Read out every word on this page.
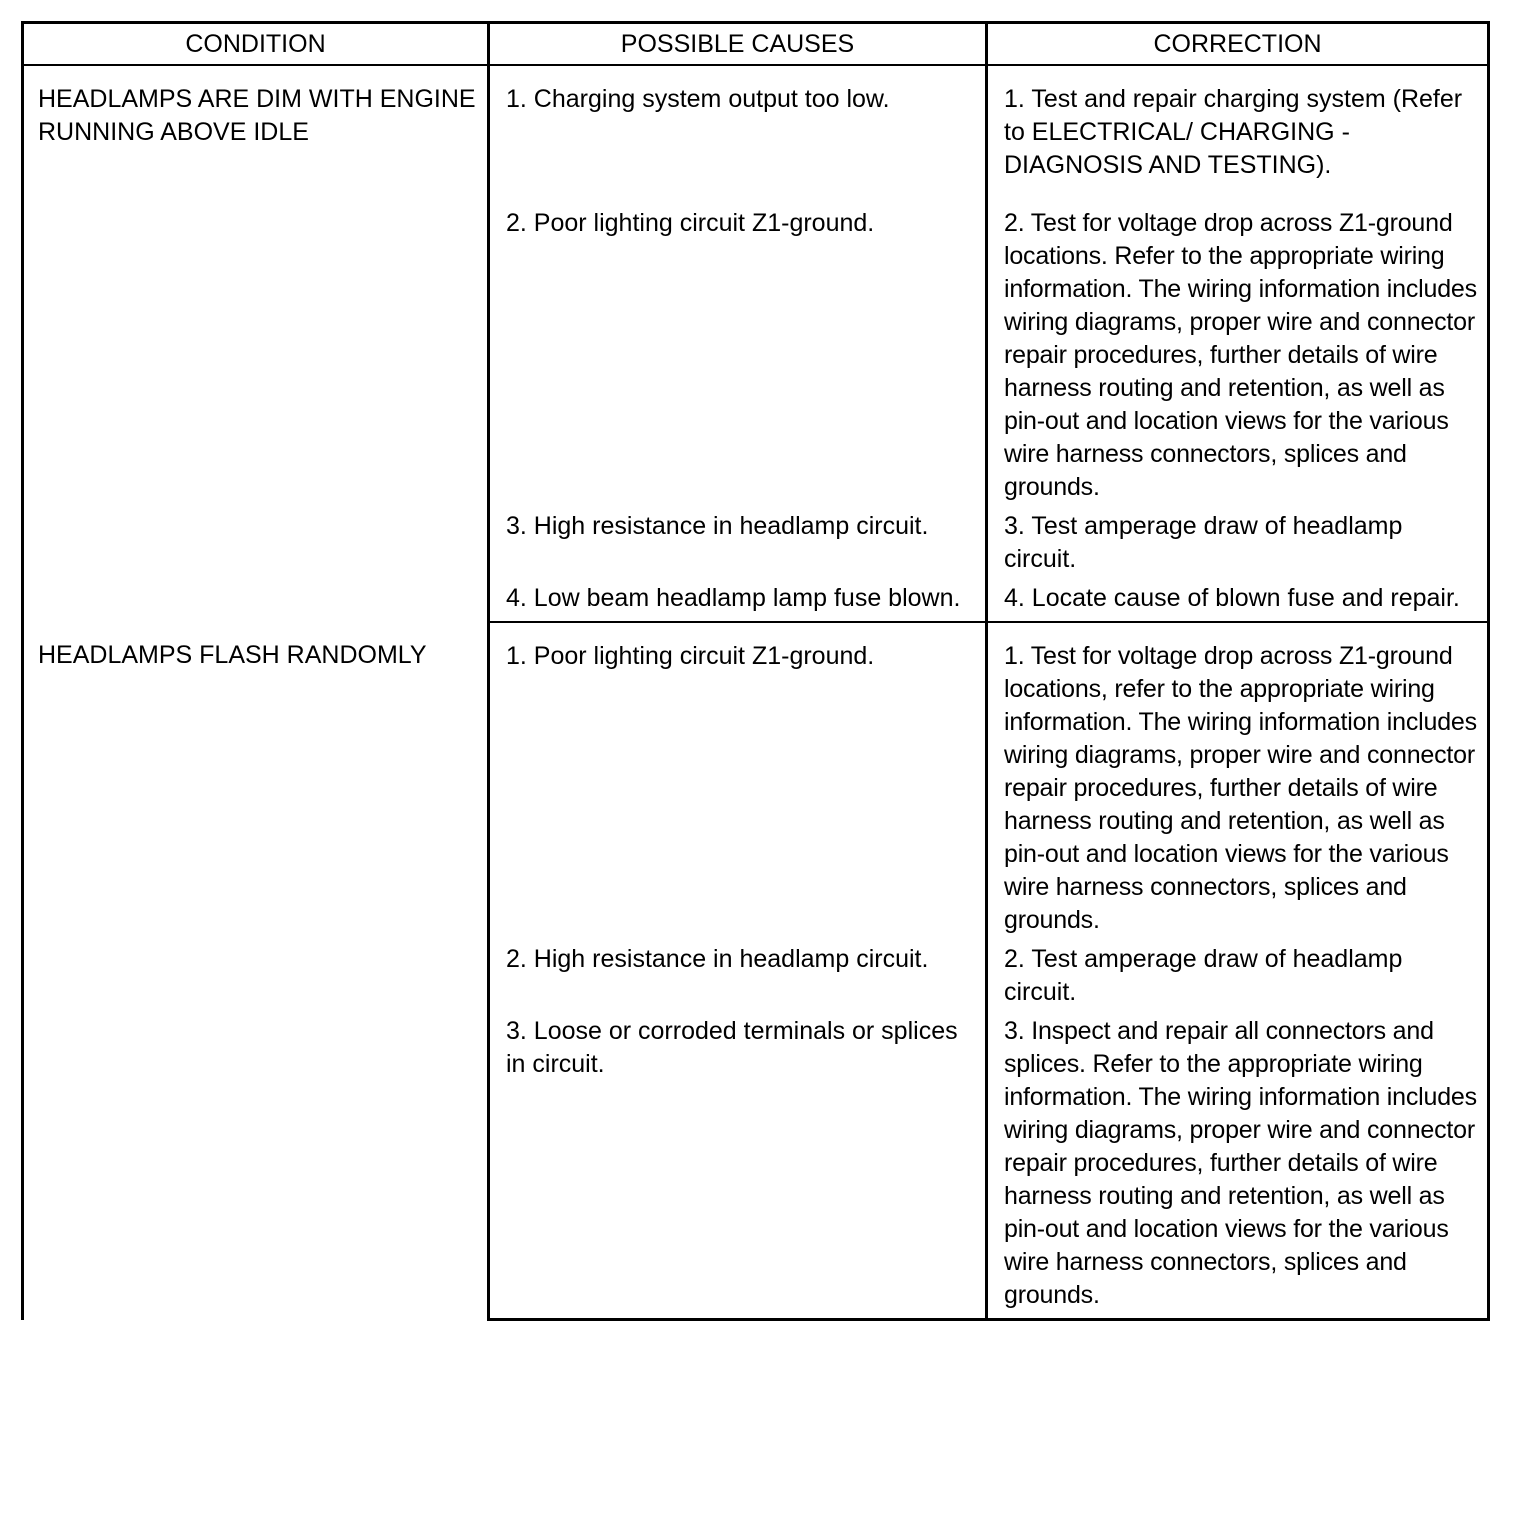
CONDITION	POSSIBLE CAUSES	CORRECTION
HEADLAMPS ARE DIM WITH ENGINE RUNNING ABOVE IDLE	1. Charging system output too low.	1. Test and repair charging system (Refer to ELECTRICAL/ CHARGING - DIAGNOSIS AND TESTING).
	2. Poor lighting circuit Z1-ground.	2. Test for voltage drop across Z1-ground locations. Refer to the appropriate wiring information. The wiring information includes wiring diagrams, proper wire and connector repair procedures, further details of wire harness routing and retention, as well as pin-out and location views for the various wire harness connectors, splices and grounds.
	3. High resistance in headlamp circuit.	3. Test amperage draw of headlamp circuit.
	4. Low beam headlamp lamp fuse blown.	4. Locate cause of blown fuse and repair.
HEADLAMPS FLASH RANDOMLY	1. Poor lighting circuit Z1-ground.	1. Test for voltage drop across Z1-ground locations, refer to the appropriate wiring information. The wiring information includes wiring diagrams, proper wire and connector repair procedures, further details of wire harness routing and retention, as well as pin-out and location views for the various wire harness connectors, splices and grounds.
	2. High resistance in headlamp circuit.	2. Test amperage draw of headlamp circuit.
	3. Loose or corroded terminals or splices in circuit.	3. Inspect and repair all connectors and splices. Refer to the appropriate wiring information. The wiring information includes wiring diagrams, proper wire and connector repair procedures, further details of wire harness routing and retention, as well as pin-out and location views for the various wire harness connectors, splices and grounds.
